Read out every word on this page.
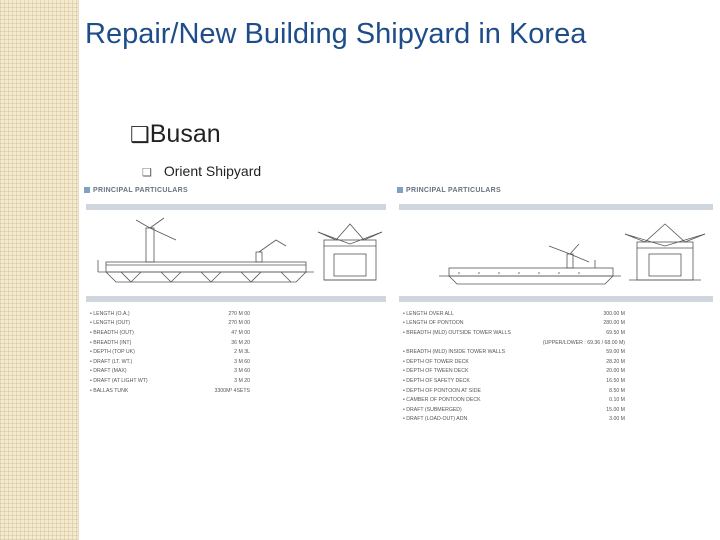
Repair/New Building Shipyard in Korea
❑Busan
❑ Orient Shipyard
PRINCIPAL PARTICULARS
• LENGTH (O.A.)	2?0 M 00
• LENGTH (OUT)	2?0 M 00
• BREADTH (OUT)	47 M 00
• BREADTH (INT)	36 M 20
• DEPTH (TOP UK)	2 M 3L
• DRAFT (LT. WT.)	3 M 60
• DRAFT (MAX)	3 M 60
• DRAFT (AT LIGHT WT)	3 M 20
• BALLAS TUNK	3300M³ 4SETS
PRINCIPAL PARTICULARS
• LENGTH OVER ALL	300.00 M
• LENGTH OF PONTOON	280.00 M
• BREADTH (MLD) OUTSIDE TOWER WALLS	69.50 M
(UPPER/LOWER : 69.36 / 68.00 M)
• BREADTH (MLD) INSIDE TOWER WALLS	59.00 M
• DEPTH OF TOWER DECK	28.20 M
• DEPTH OF TWEEN DECK	20.00 M
• DEPTH OF SAFETY DECK	16.50 M
• DEPTH OF PONTOON AT SIDE	8.50 M
• CAMBER OF PONTOON DECK	0.10 M
• DRAFT (SUBMERGED)	15.00 M
• DRAFT (LOAD-OUT) ADN	3.00 M
